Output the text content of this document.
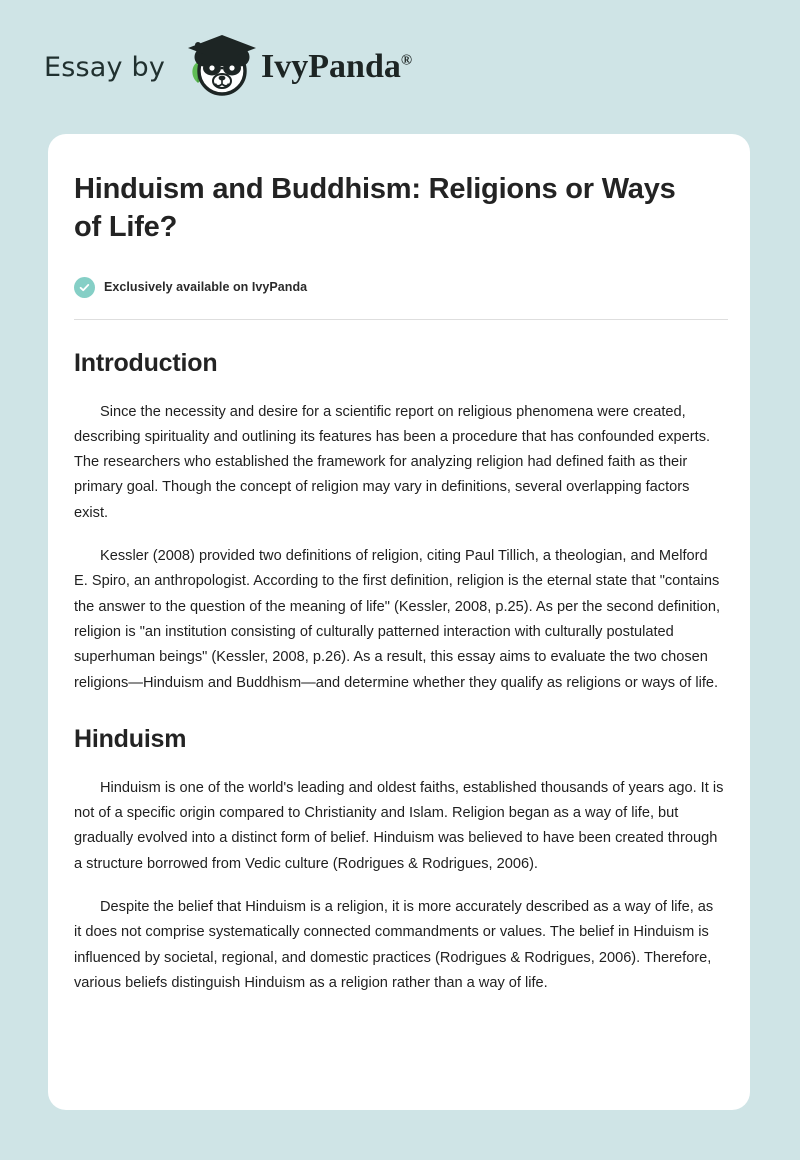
Essay by	IvyPanda®
Hinduism and Buddhism: Religions or Ways of Life?
Exclusively available on IvyPanda
Introduction

Since the necessity and desire for a scientific report on religious phenomena were created, describing spirituality and outlining its features has been a procedure that has confounded experts. The researchers who established the framework for analyzing religion had defined faith as their primary goal. Though the concept of religion may vary in definitions, several overlapping factors exist.

Kessler (2008) provided two definitions of religion, citing Paul Tillich, a theologian, and Melford E. Spiro, an anthropologist. According to the first definition, religion is the eternal state that "contains the answer to the question of the meaning of life" (Kessler, 2008, p.25). As per the second definition, religion is "an institution consisting of culturally patterned interaction with culturally postulated superhuman beings" (Kessler, 2008, p.26). As a result, this essay aims to evaluate the two chosen religions—Hinduism and Buddhism—and determine whether they qualify as religions or ways of life.

Hinduism

Hinduism is one of the world's leading and oldest faiths, established thousands of years ago. It is not of a specific origin compared to Christianity and Islam. Religion began as a way of life, but gradually evolved into a distinct form of belief. Hinduism was believed to have been created through a structure borrowed from Vedic culture (Rodrigues & Rodrigues, 2006).

Despite the belief that Hinduism is a religion, it is more accurately described as a way of life, as it does not comprise systematically connected commandments or values. The belief in Hinduism is influenced by societal, regional, and domestic practices (Rodrigues & Rodrigues, 2006). Therefore, various beliefs distinguish Hinduism as a religion rather than a way of life.
